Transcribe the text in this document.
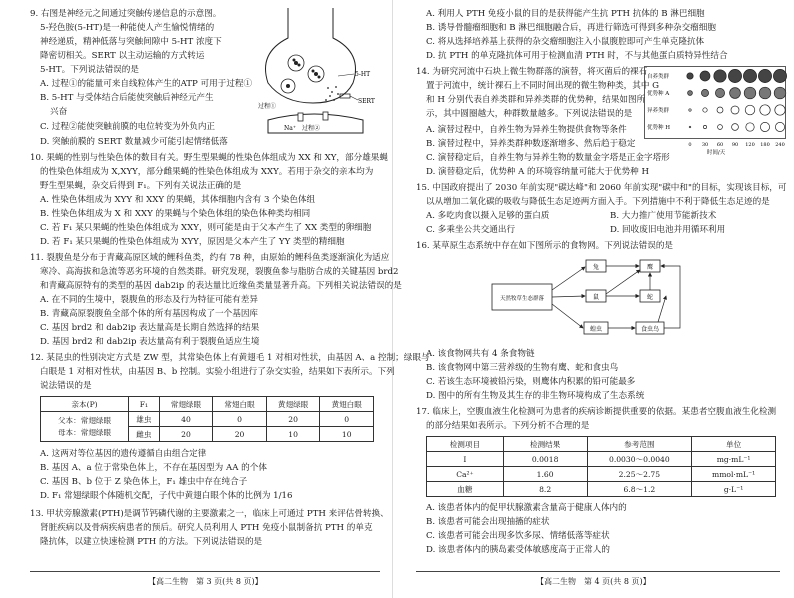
9. 右图是神经元之间通过突触传递信息的示意图。
5-羟色胺(5-HT)是一种能使人产生愉悦情绪的
神经递质，精神低落与突触间隙中 5-HT 浓度下
降密切相关。SERT 以主动运输的方式转运
5-HT。下列说法错误的是
A. 过程①的能量可来自线粒体产生的ATP 可用于过程①
B. 5-HT 与受体结合后能使突触后神经元产生
兴奋
C. 过程②能使突触前膜的电位转变为外负内正
D. 突触前膜的 SERT 数量减少可能引起情绪低落
5-HT
SERT
过程①
过程②
Na⁺
10. 果蝇的性别与性染色体的数目有关。野生型果蝇的性染色体组成为 XX 和 XY，部分雄果蝇
的性染色体组成为 X,XYY，部分雌果蝇的性染色体组成为 XXY。若用于杂交的亲本均为
野生型果蝇，杂交后得到 F₁。下列有关说法正确的是
A. 性染色体组成为 XYY 和 XXY 的果蝇，其体细胞内含有 3 个染色体组
B. 性染色体组成为 X 和 XXY 的果蝇与个染色体组的染色体种类均相同
C. 若 F₁ 某只果蝇的性染色体组成为 XXY，则可能是由于父本产生了 XX 类型的卵细胞
D. 若 F₁ 某只果蝇的性染色体组成为 XYY，原因是父本产生了 YY 类型的精细胞
11. 裂腹鱼是分布于青藏高原区域的鲤科鱼类，约有 78 种，由原始的鲤科鱼类逐渐演化为适应
寒冷、高海拔和急流等恶劣环境的自然类群。研究发现，裂腹鱼参与脂肪合成的关键基因 brd2
和青藏高原特有的类型的基因 dab2ip 的表达量比近缘鱼类量显著升高。下列相关说法错误的是
A. 在不同的生境中，裂腹鱼的形态及行为特征可能有差异
B. 青藏高原裂腹鱼全部个体的所有基因构成了一个基因库
C. 基因 brd2 和 dab2ip 表达量高是长期自然选择的结果
D. 基因 brd2 和 dab2ip 表达量高有利于裂腹鱼适应生境
12. 某昆虫的性别决定方式是 ZW 型，其常染色体上有黄翅毛 1 对相对性状，由基因 A、a 控制；绿眼与
白眼是 1 对相对性状，由基因 B、b 控制。实验小组进行了杂交实验，结果如下表所示。下列
说法错误的是
亲本(P)	F₁	常翅绿眼	常翅白眼	黄翅绿眼	黄翅白眼

父本：常翅绿眼
母本：常翅绿眼	雄虫	40	0	20	0
	雌虫	20	20	10	10
A. 这两对等位基因的遗传遵循自由组合定律
B. 基因 A、a 位于常染色体上，不存在基因型为 AA 的个体
C. 基因 B、b 位于 Z 染色体上，F₁ 雄虫中存在纯合子
D. F₁ 常翅绿眼个体随机交配，子代中黄翅白眼个体的比例为 1/16
13. 甲状旁腺激素(PTH)是调节钙磷代谢的主要激素之一，临床上可通过 PTH 来评估骨转换、
肾脏疾病以及骨病疾病患者的预后。研究人员利用人 PTH 免疫小鼠制备抗 PTH 的单克
隆抗体，以建立快速检测 PTH 的方法。下列说法错误的是
【高二生物　第 3 页(共 8 页)】
A. 利用人 PTH 免疫小鼠的目的是获得能产生抗 PTH 抗体的 B 淋巴细胞
B. 诱导骨髓瘤细胞和 B 淋巴细胞融合后，再进行筛选可得到多种杂交瘤细胞
C. 将从选择培养基上获得的杂交瘤细胞注入小鼠腹腔即可产生单克隆抗体
D. 抗 PTH 的单克隆抗体可用于检测血清 PTH 时，不与其他蛋白质特异性结合
14. 为研究河流中石块上微生物群落的演替，将灭菌后的裸石
置于河流中，统计裸石上不同时间出现的微生物种类，其中 G
和 H 分别代表自养类群和异养类群的优势种，结果如图所
示，其中圆圈越大，种群数量越多。下列说法错误的是
自养类群
优势种 A
异养类群
优势种 H
时间/天
0 30 60 90 120 180 240
A. 演替过程中，自养生物为异养生物提供食物等条件
B. 演替过程中，异养类群种数逐渐增多、然后趋于稳定
C. 演替稳定后，自养生物与异养生物的数量金字塔是正金字塔形
D. 演替稳定后，优势种 A 的环境容纳量可能大于优势种 H
15. 中国政府提出了 2030 年前实现"碳达峰"和 2060 年前实现"碳中和"的目标，实现该目标，可
以从增加二氧化碳的吸收与降低生态足迹两方面入手。下列措施中不利于降低生态足迹的是
A. 多吃肉食以摄入足够的蛋白质	B. 大力推广使用节能新技术
C. 多乘坐公共交通出行	D. 回收废旧电池并用循环利用
16. 某草原生态系统中存在如下图所示的食物网。下列说法错误的是
天然牧草生态群落
兔	鹰
鼠	蛇
蝗虫	食虫鸟
A. 该食物网共有 4 条食物链
B. 该食物网中第三营养级的生物有鹰、蛇和食虫鸟
C. 若该生态环境被铅污染，则鹰体内积累的铅可能最多
D. 图中的所有生物及其生存的非生物环境构成了生态系统
17. 临床上，空腹血液生化检测可为患者的疾病诊断提供重要的依据。某患者空腹血液生化检测
的部分结果如表所示。下列分析不合理的是
检测项目	检测结果	参考范围	单位
I	0.0018	0.0030～0.0040	mg·mL⁻¹
Ca²⁺	1.60	2.25～2.75	mmol·mL⁻¹
血糖	8.2	6.8～1.2	g·L⁻¹
A. 该患者体内的促甲状腺激素含量高于健康人体内的
B. 该患者可能会出现抽搐的症状
C. 该患者可能会出现多饮多尿、情绪低落等症状
D. 该患者体内的胰岛素受体敏感度高于正常人的
【高二生物　第 4 页(共 8 页)】
